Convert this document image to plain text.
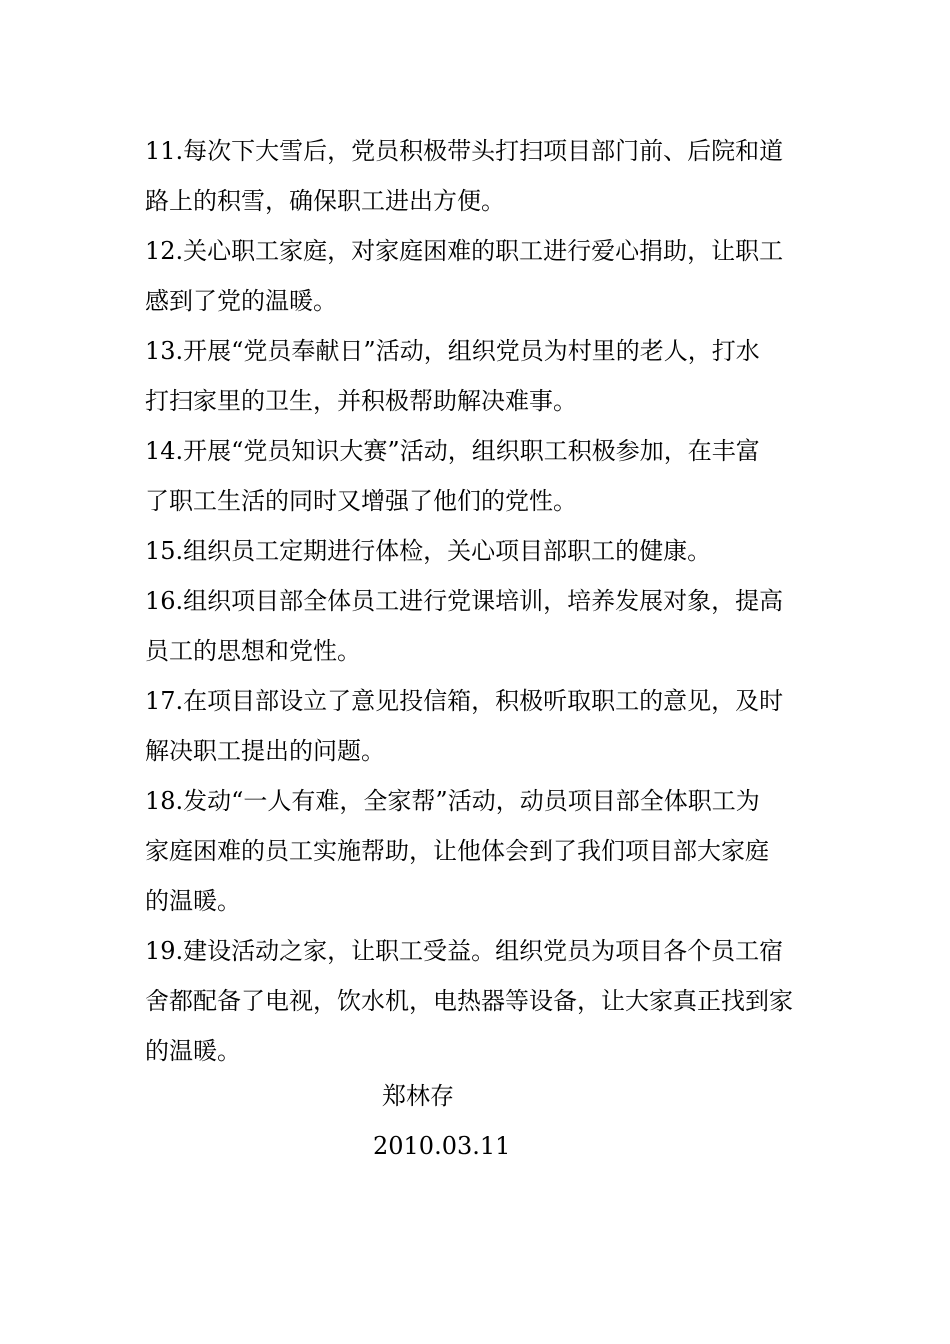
11.每次下大雪后，党员积极带头打扫项目部门前、后院和道
路上的积雪，确保职工进出方便。
12.关心职工家庭，对家庭困难的职工进行爱心捐助，让职工
感到了党的温暖。
13.开展“党员奉献日”活动，组织党员为村里的老人，打水
打扫家里的卫生，并积极帮助解决难事。
14.开展“党员知识大赛”活动，组织职工积极参加，在丰富
了职工生活的同时又增强了他们的党性。
15.组织员工定期进行体检，关心项目部职工的健康。
16.组织项目部全体员工进行党课培训，培养发展对象，提高
员工的思想和党性。
17.在项目部设立了意见投信箱，积极听取职工的意见，及时
解决职工提出的问题。
18.发动“一人有难，全家帮”活动，动员项目部全体职工为
家庭困难的员工实施帮助，让他体会到了我们项目部大家庭
的温暖。
19.建设活动之家，让职工受益。组织党员为项目各个员工宿
舍都配备了电视，饮水机，电热器等设备，让大家真正找到家
的温暖。
郑林存
2010.03.11
